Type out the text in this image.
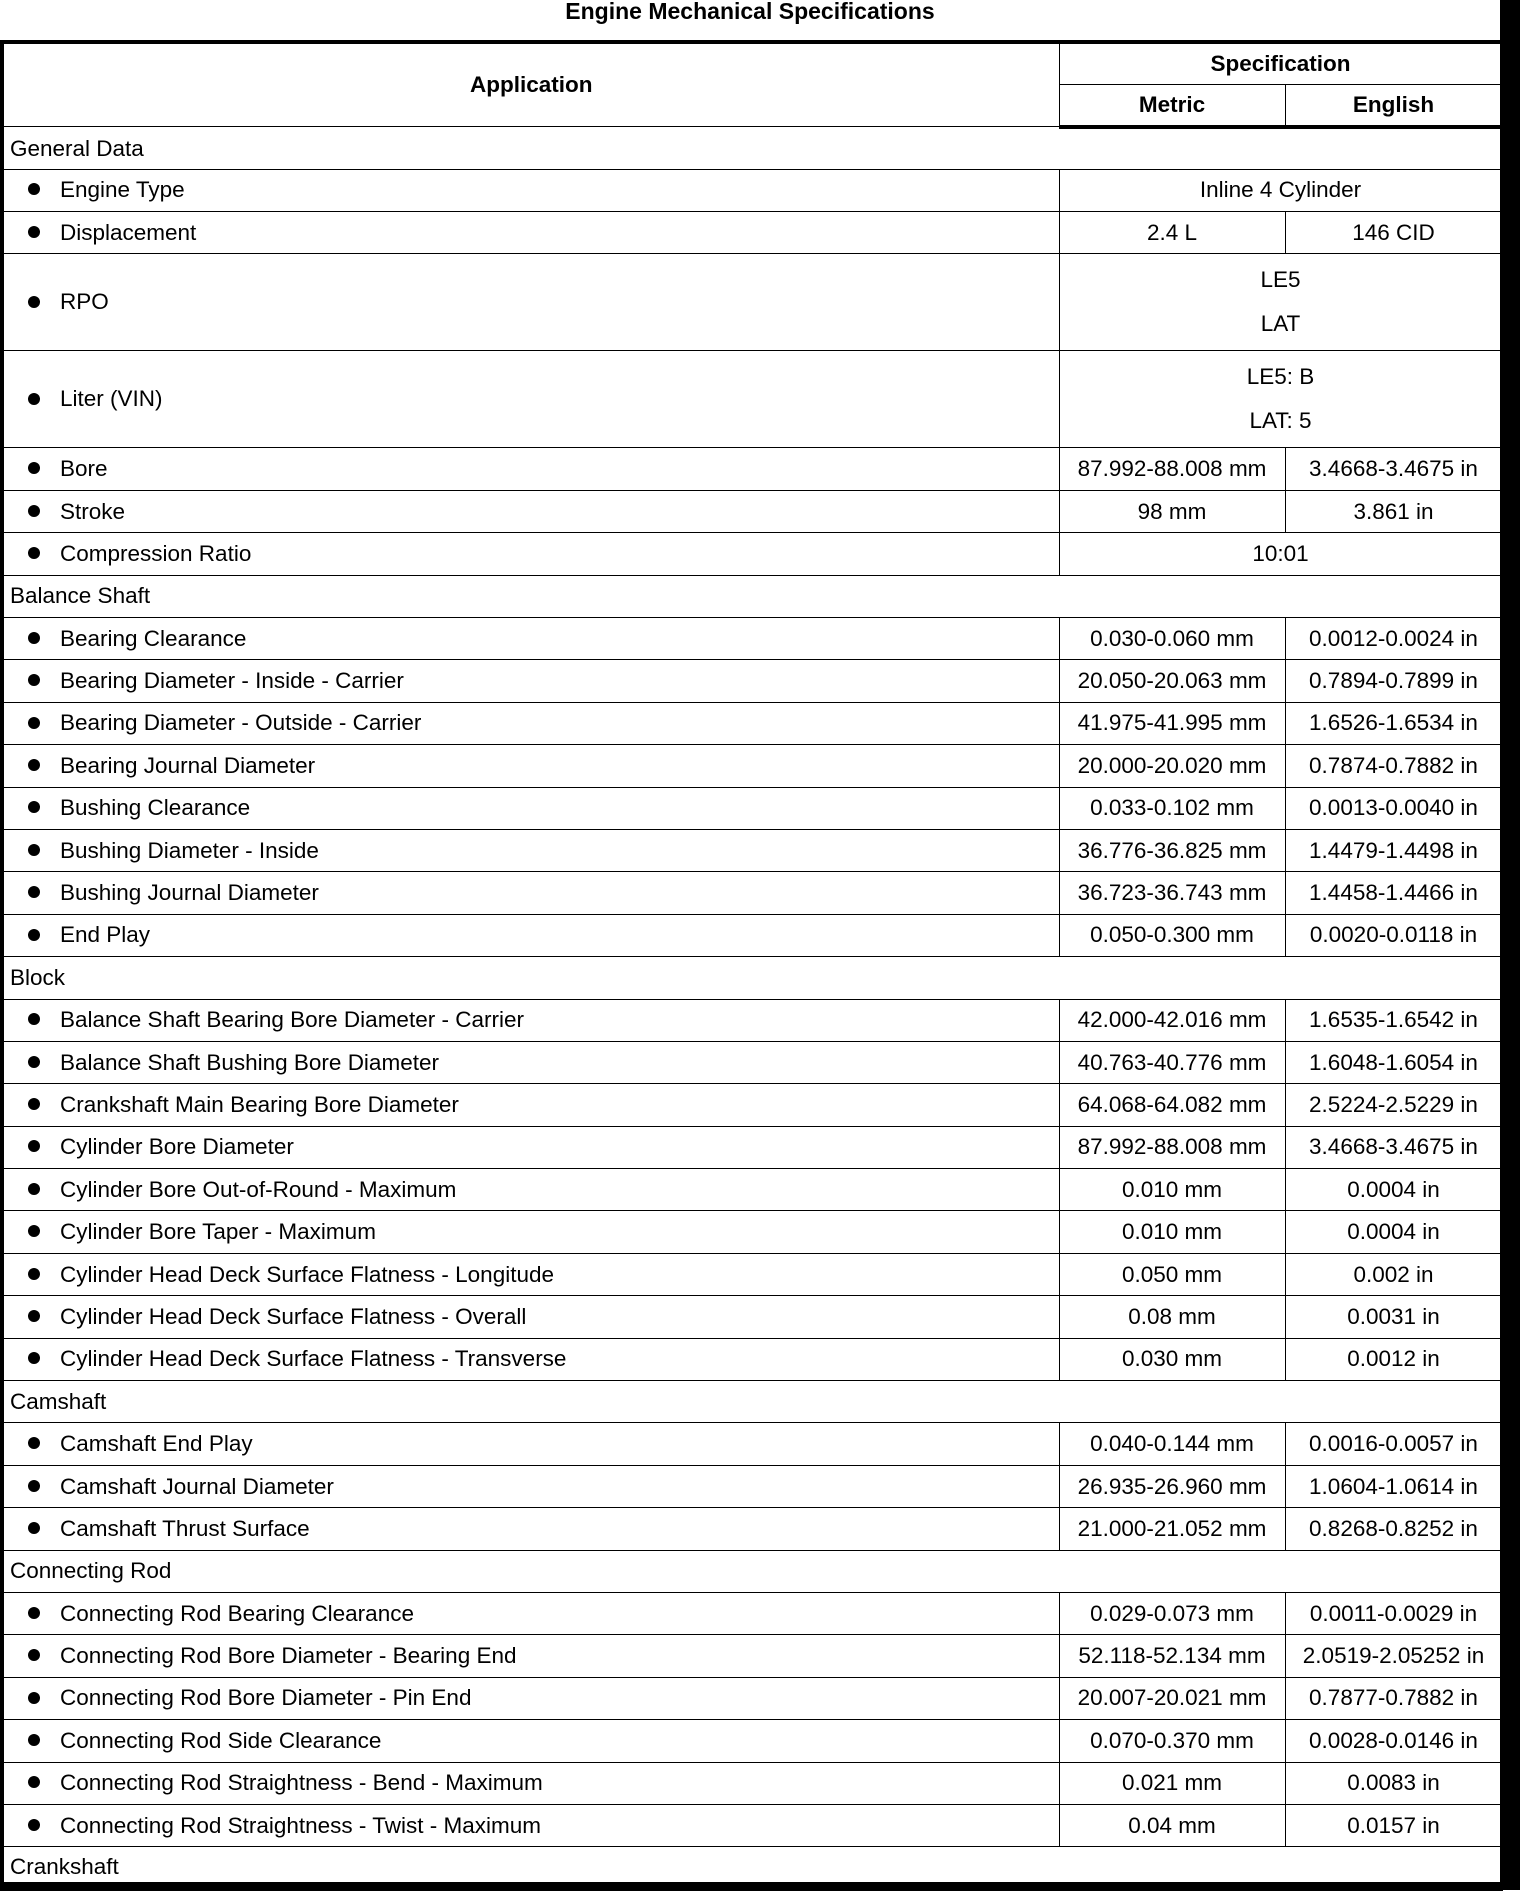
Engine Mechanical Specifications
Application	Specification	
	Metric	English
General Data		
Engine Type	Inline 4 Cylinder	
Displacement	2.4 L	146 CID
RPO	LE5
LAT	

Liter (VIN)	LE5: B
LAT: 5	

Bore	87.992-88.008 mm	3.4668-3.4675 in
Stroke	98 mm	3.861 in
Compression Ratio	10:01	
Balance Shaft		
Bearing Clearance	0.030-0.060 mm	0.0012-0.0024 in
Bearing Diameter - Inside - Carrier	20.050-20.063 mm	0.7894-0.7899 in
Bearing Diameter - Outside - Carrier	41.975-41.995 mm	1.6526-1.6534 in
Bearing Journal Diameter	20.000-20.020 mm	0.7874-0.7882 in
Bushing Clearance	0.033-0.102 mm	0.0013-0.0040 in
Bushing Diameter - Inside	36.776-36.825 mm	1.4479-1.4498 in
Bushing Journal Diameter	36.723-36.743 mm	1.4458-1.4466 in
End Play	0.050-0.300 mm	0.0020-0.0118 in
Block		
Balance Shaft Bearing Bore Diameter - Carrier	42.000-42.016 mm	1.6535-1.6542 in
Balance Shaft Bushing Bore Diameter	40.763-40.776 mm	1.6048-1.6054 in
Crankshaft Main Bearing Bore Diameter	64.068-64.082 mm	2.5224-2.5229 in
Cylinder Bore Diameter	87.992-88.008 mm	3.4668-3.4675 in
Cylinder Bore Out-of-Round - Maximum	0.010 mm	0.0004 in
Cylinder Bore Taper - Maximum	0.010 mm	0.0004 in
Cylinder Head Deck Surface Flatness - Longitude	0.050 mm	0.002 in
Cylinder Head Deck Surface Flatness - Overall	0.08 mm	0.0031 in
Cylinder Head Deck Surface Flatness - Transverse	0.030 mm	0.0012 in
Camshaft		
Camshaft End Play	0.040-0.144 mm	0.0016-0.0057 in
Camshaft Journal Diameter	26.935-26.960 mm	1.0604-1.0614 in
Camshaft Thrust Surface	21.000-21.052 mm	0.8268-0.8252 in
Connecting Rod		
Connecting Rod Bearing Clearance	0.029-0.073 mm	0.0011-0.0029 in
Connecting Rod Bore Diameter - Bearing End	52.118-52.134 mm	2.0519-2.05252 in
Connecting Rod Bore Diameter - Pin End	20.007-20.021 mm	0.7877-0.7882 in
Connecting Rod Side Clearance	0.070-0.370 mm	0.0028-0.0146 in
Connecting Rod Straightness - Bend - Maximum	0.021 mm	0.0083 in
Connecting Rod Straightness - Twist - Maximum	0.04 mm	0.0157 in
Crankshaft		
